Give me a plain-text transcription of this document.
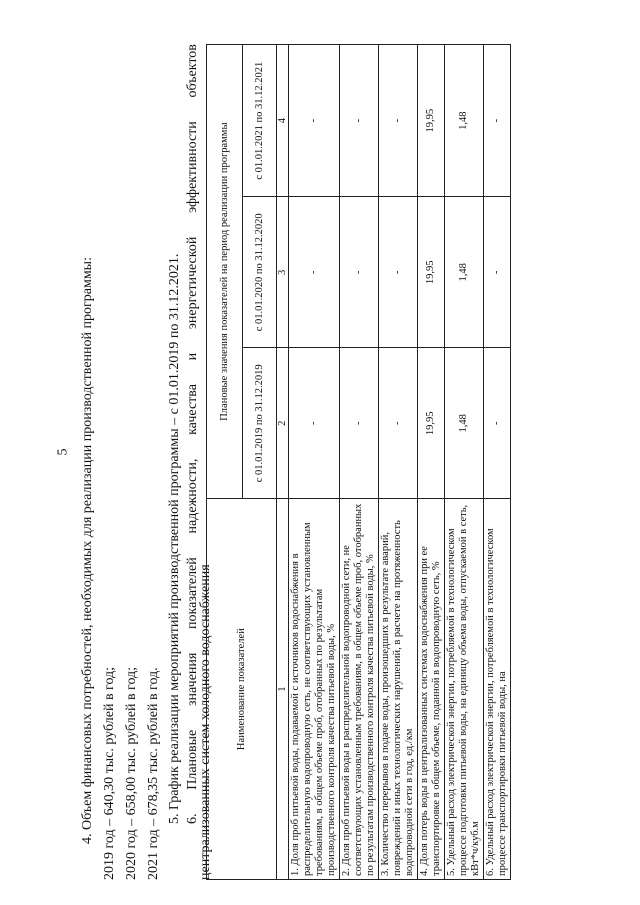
5 4. Объем финансовых потребностей, необходимых для реализации производственной программы: 2019 год – 640,30 тыс. рублей в год; 2020 год – 658,00 тыс. рублей в год; 2021 год – 678,35 тыс. рублей в год. 5. График реализации мероприятий производственной программы – с 01.01.2019 по 31.12.2021. 6.
Плановые
значения
показателей
надежности,
качества
и
энергетической
эффективности
объектов
централизованных систем холодного водоснабжения Наименование показателей	Плановые значения показателей на период реализации программы		
	с 01.01.2019 по 31.12.2019	с 01.01.2020 по 31.12.2020	с 01.01.2021 по 31.12.2021
1	2	3	4
1. Доля проб питьевой воды, подаваемой с источников водоснабжения в распределительную водопроводную сеть, не соответствующих установленным требованиям, в общем объеме проб, отобранных по результатам производственного контроля качества питьевой воды, %	-	-	-
2. Доля проб питьевой воды в распределительной водопроводной сети, не соответствующих установленным требованиям, в общем объеме проб, отобранных по результатам производственного контроля качества питьевой воды, %	-	-	-
3. Количество перерывов в подаче воды, произошедших в результате аварий, повреждений и иных технологических нарушений, в расчете на протяженность водопроводной сети в год, ед./км	-	-	-
4. Доля потерь воды в централизованных системах водоснабжения при ее транспортировке в общем объеме, поданной в водопроводную сеть, %	19,95	19,95	19,95
5. Удельный расход электрической энергии, потребляемой в технологическом процессе подготовки питьевой воды, на единицу объема воды, отпускаемой в сеть, кВт*ч/куб.м	1,48	1,48	1,48
6. Удельный расход электрической энергии, потребляемой в технологическом процессе транспортировки питьевой воды, на	-	-	-
